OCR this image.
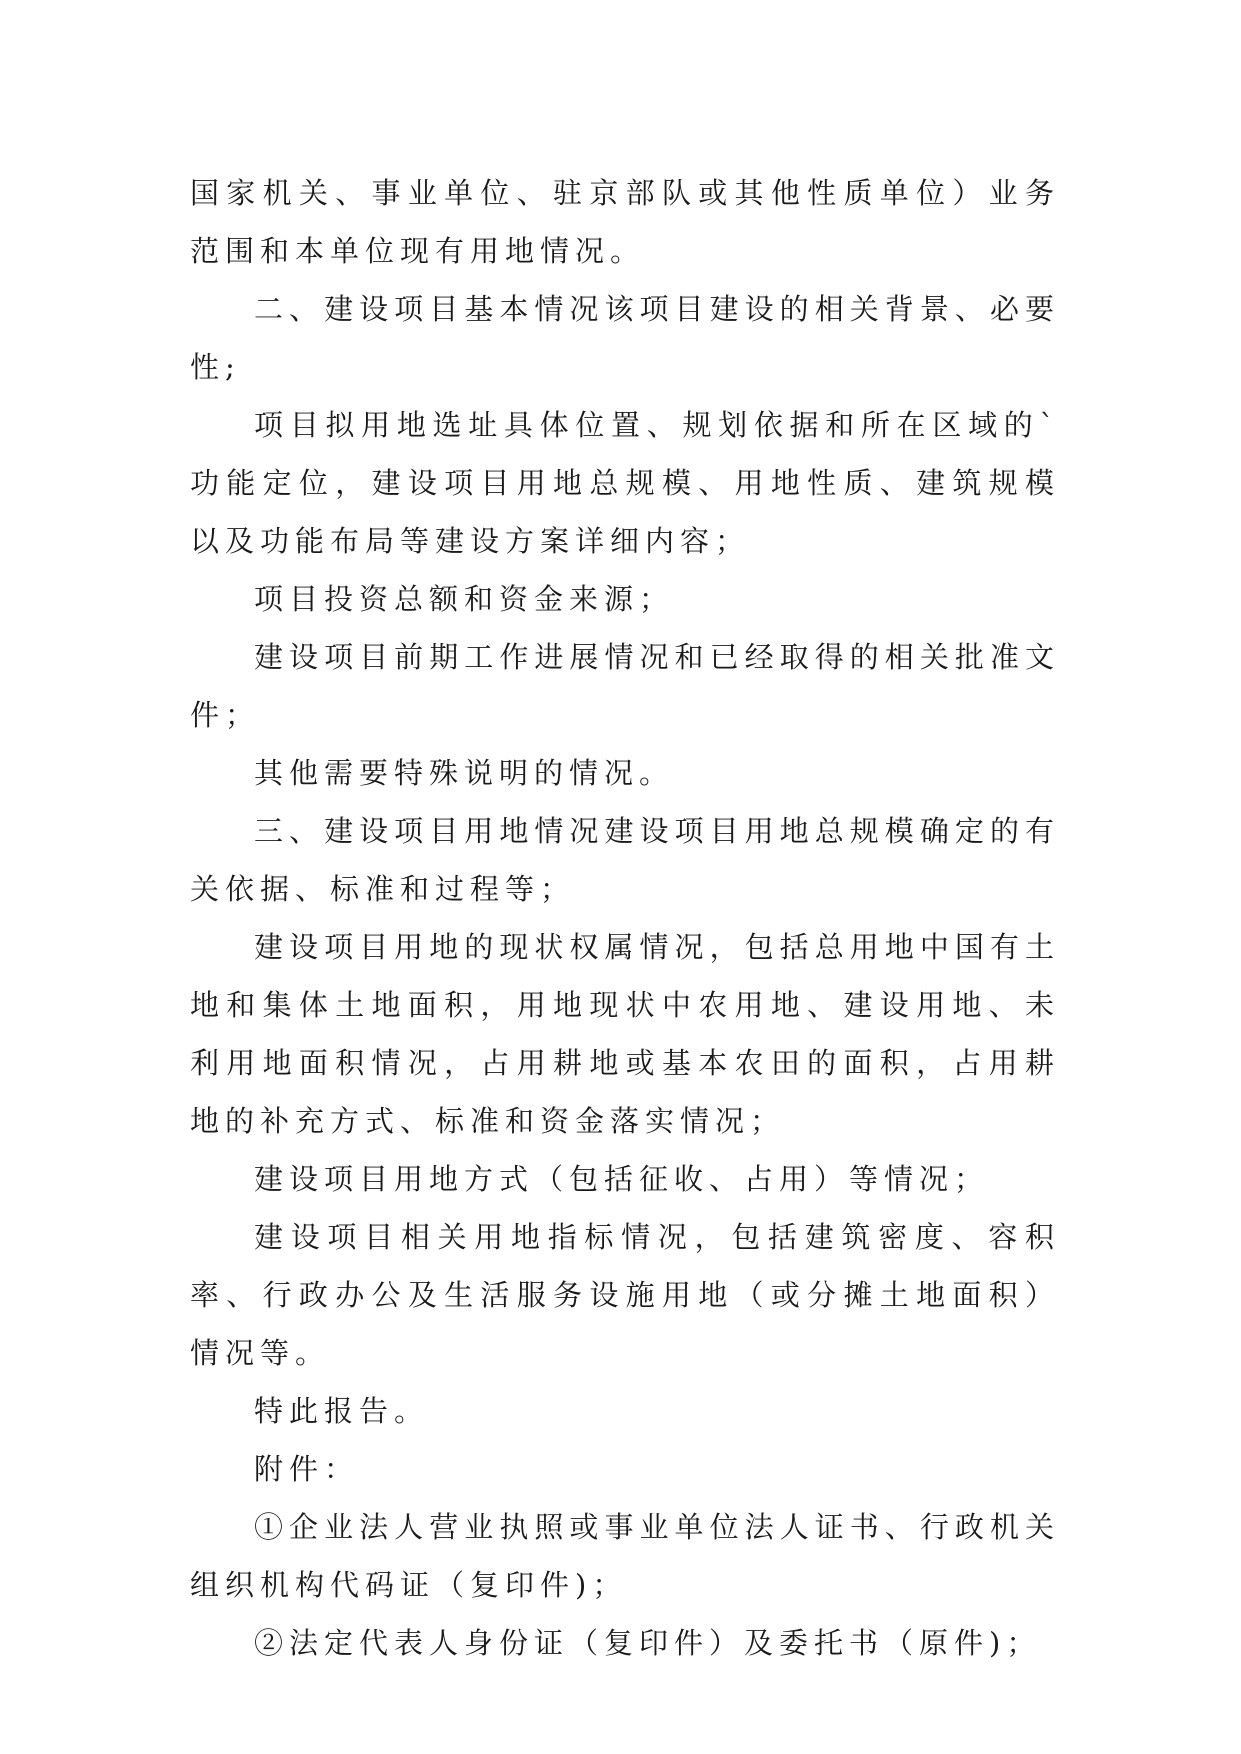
国家机关、事业单位、驻京部队或其他性质单位）业务范围和本单位现有用地情况。

二、建设项目基本情况该项目建设的相关背景、必要性;

项目拟用地选址具体位置、规划依据和所在区域的`功能定位，建设项目用地总规模、用地性质、建筑规模以及功能布局等建设方案详细内容；

项目投资总额和资金来源；

建设项目前期工作进展情况和已经取得的相关批准文件；

其他需要特殊说明的情况。

三、建设项目用地情况建设项目用地总规模确定的有关依据、标准和过程等；

建设项目用地的现状权属情况，包括总用地中国有土地和集体土地面积，用地现状中农用地、建设用地、未利用地面积情况，占用耕地或基本农田的面积，占用耕地的补充方式、标准和资金落实情况；

建设项目用地方式（包括征收、占用）等情况；

建设项目相关用地指标情况，包括建筑密度、容积率、行政办公及生活服务设施用地（或分摊土地面积）情况等。

特此报告。

附件：

①企业法人营业执照或事业单位法人证书、行政机关组织机构代码证（复印件)；

②法定代表人身份证（复印件）及委托书（原件)；
